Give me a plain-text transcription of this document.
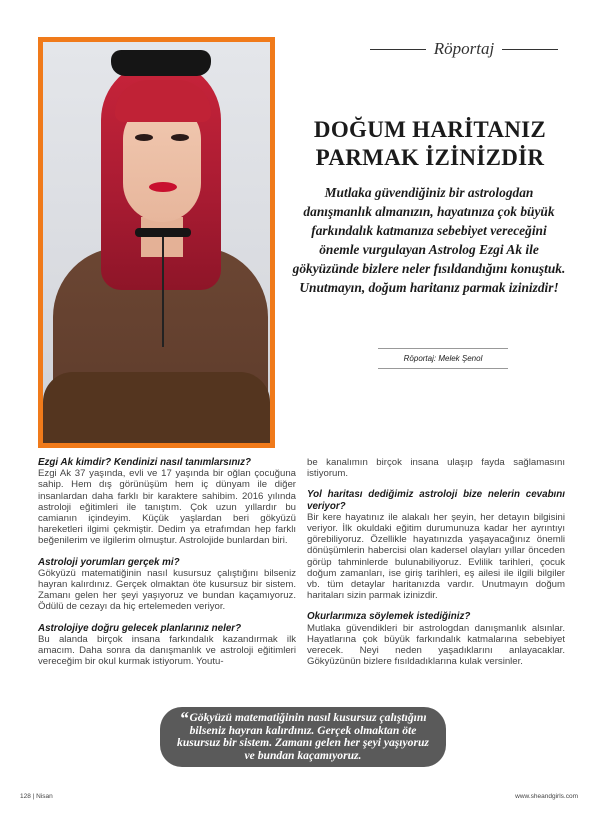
Röportaj
DOĞUM HARİTANIZ
PARMAK İZİNİZDİR
Mutlaka güvendiğiniz bir astrologdan danışmanlık almanızın, hayatınıza çok büyük farkındalık katmanıza sebebiyet vereceğini önemle vurgulayan Astrolog Ezgi Ak ile gökyüzünde bizlere neler fısıldandığını konuştuk. Unutmayın, doğum haritanız parmak izinizdir!
Röportaj: Melek Şenol
Ezgi Ak kimdir? Kendinizi nasıl tanımlarsınız?
Ezgi Ak 37 yaşında, evli ve 17 yaşında bir oğlan çocuğuna sahip. Hem dış görünüşüm hem iç dünyam ile diğer insanlardan daha farklı bir karaktere sahibim. 2016 yılında astroloji eğitimleri ile tanıştım. Çok uzun yıllardır bu camianın içindeyim. Küçük yaşlardan beri gökyüzü hareketleri ilgimi çekmiştir. Dedim ya etrafımdan hep farklı beğenilerim ve ilgilerim olmuştur. Astrolojide bunlardan biri.
Astroloji yorumları gerçek mi?
Gökyüzü matematiğinin nasıl kusursuz çalıştığını bilseniz hayran kalırdınız. Gerçek olmaktan öte kusursuz bir sistem. Zamanı gelen her şeyi yaşıyoruz ve bundan kaçamıyoruz. Ödülü de cezayı da hiç ertelemeden veriyor.
Astrolojiye doğru gelecek planlarınız neler?
Bu alanda birçok insana farkındalık kazandırmak ilk amacım. Daha sonra da danışmanlık ve astroloji eğitimleri vereceğim bir okul kurmak istiyorum. Youtu-
be kanalımın birçok insana ulaşıp fayda sağlamasını istiyorum.
Yol haritası dediğimiz astroloji bize nelerin cevabını veriyor?
Bir kere hayatınız ile alakalı her şeyin, her detayın bilgisini veriyor. İlk okuldaki eğitim durumunuza kadar her ayrıntıyı görebiliyoruz. Özellikle hayatınızda yaşayacağınız önemli dönüşümlerin habercisi olan kadersel olayları yıllar önceden görüp tahminlerde bulunabiliyoruz. Evlilik tarihleri, çocuk doğum zamanları, ise giriş tarihleri, eş ailesi ile ilgili bilgiler vb. tüm detaylar haritanızda vardır. Unutmayın doğum haritaları sizin parmak izinizdir.
Okurlarımıza söylemek istediğiniz?
Mutlaka güvendikleri bir astrologdan danışmanlık alsınlar. Hayatlarına çok büyük farkındalık katmalarına sebebiyet verecek. Neyi neden yaşadıklarını anlayacaklar. Gökyüzünün bizlere fısıldadıklarına kulak versinler.
“Gökyüzü matematiğinin nasıl kusursuz çalıştığını bilseniz hayran kalırdınız. Gerçek olmaktan öte kusursuz bir sistem. Zamanı gelen her şeyi yaşıyoruz ve bundan kaçamıyoruz.
128 | Nisan	www.sheandgirls.com
